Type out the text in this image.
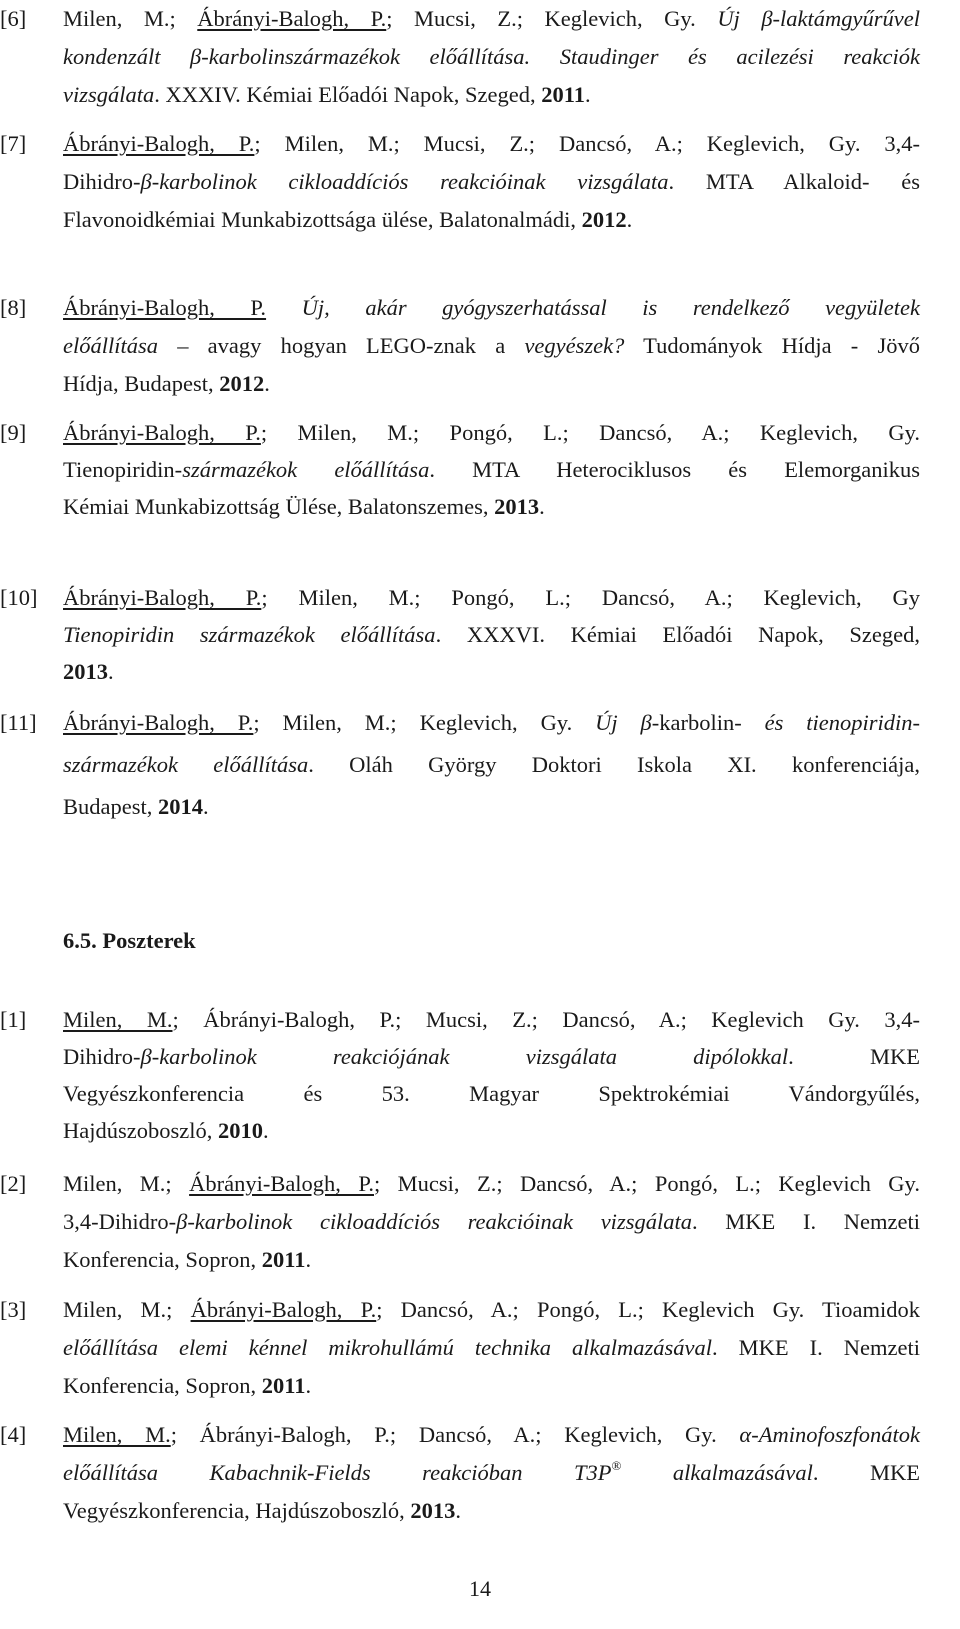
[6] Milen, M.; Ábrányi-Balogh, P.; Mucsi, Z.; Keglevich, Gy. Új β-laktámgyűrűvel
kondenzált β-karbolinszármazékok előállítása. Staudinger és acilezési reakciók
vizsgálata. XXXIV. Kémiai Előadói Napok, Szeged, 2011.
[7] Ábrányi-Balogh, P.; Milen, M.; Mucsi, Z.; Dancsó, A.; Keglevich, Gy. 3,4-
Dihidro-β-karbolinok cikloaddíciós reakcióinak vizsgálata. MTA Alkaloid- és
Flavonoidkémiai Munkabizottsága ülése, Balatonalmádi, 2012.
[8] Ábrányi-Balogh, P. Új, akár gyógyszerhatással is rendelkező vegyületek
előállítása – avagy hogyan LEGO-znak a vegyészek? Tudományok Hídja - Jövő
Hídja, Budapest, 2012.
[9] Ábrányi-Balogh, P.; Milen, M.; Pongó, L.; Dancsó, A.; Keglevich, Gy.
Tienopiridin-származékok előállítása. MTA Heterociklusos és Elemorganikus
Kémiai Munkabizottság Ülése, Balatonszemes, 2013.
[10] Ábrányi-Balogh, P.; Milen, M.; Pongó, L.; Dancsó, A.; Keglevich, Gy
Tienopiridin származékok előállítása. XXXVI. Kémiai Előadói Napok, Szeged,
2013.
[11] Ábrányi-Balogh, P.; Milen, M.; Keglevich, Gy. Új β-karbolin- és tienopiridin-
származékok előállítása. Oláh György Doktori Iskola XI. konferenciája,
Budapest, 2014.
6.5. Poszterek
[1] Milen, M.; Ábrányi-Balogh, P.; Mucsi, Z.; Dancsó, A.; Keglevich Gy. 3,4-
Dihidro-β-karbolinok reakciójának vizsgálata dipólokkal. MKE
Vegyészkonferencia és 53. Magyar Spektrokémiai Vándorgyűlés,
Hajdúszoboszló, 2010.
[2] Milen, M.; Ábrányi-Balogh, P.; Mucsi, Z.; Dancsó, A.; Pongó, L.; Keglevich Gy.
3,4-Dihidro-β-karbolinok cikloaddíciós reakcióinak vizsgálata. MKE I. Nemzeti
Konferencia, Sopron, 2011.
[3] Milen, M.; Ábrányi-Balogh, P.; Dancsó, A.; Pongó, L.; Keglevich Gy. Tioamidok
előállítása elemi kénnel mikrohullámú technika alkalmazásával. MKE I. Nemzeti
Konferencia, Sopron, 2011.
[4] Milen, M.; Ábrányi-Balogh, P.; Dancsó, A.; Keglevich, Gy. α-Aminofoszfonátok
előállítása Kabachnik-Fields reakcióban T3P® alkalmazásával. MKE
Vegyészkonferencia, Hajdúszoboszló, 2013.
14
